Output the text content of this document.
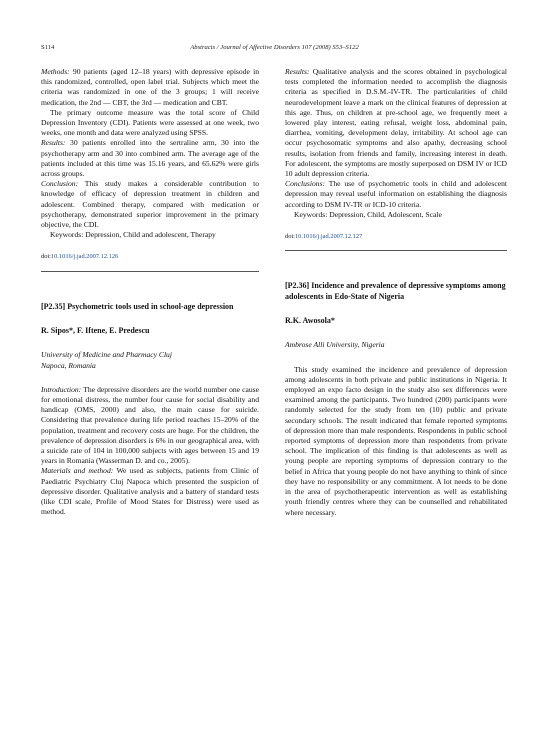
S114	Abstracts / Journal of Affective Disorders 107 (2008) S53–S122

Methods: 90 patients (aged 12–18 years) with depressive episode in this randomized, controlled, open label trial. Subjects which meet the criteria was randomized in one of the 3 groups; 1 will receive medication, the 2nd — CBT, the 3rd — medication and CBT.

The primary outcome measure was the total score of Child Depression Inventory (CDI). Patients were assessed at one week, two weeks, one month and data were analyzed using SPSS.

Results: 30 patients enrolled into the sertraline arm, 30 into the psychotherapy arm and 30 into combined arm. The average age of the patients included at this time was 15.16 years, and 65.62% were girls across groups.

Conclusion: This study makes a considerable contribution to knowledge of efficacy of depression treatment in children and adolescent. Combined therapy, compared with medication or psychotherapy, demonstrated superior improvement in the primary objective, the CDI.

Keywords: Depression, Child and adolescent, Therapy

doi:10.1016/j.jad.2007.12.126

[P2.35] Psychometric tools used in school-age depression

R. Sipos*, F. Iftene, E. Predescu

University of Medicine and Pharmacy Cluj

Napoca, Romania

Introduction: The depressive disorders are the world number one cause for emotional distress, the number four cause for social disability and handicap (OMS, 2000) and also, the main cause for suicide. Considering that prevalence during life period reaches 15–20% of the population, treatment and recovery costs are huge. For the children, the prevalence of depression disorders is 6% in our geographical area, with a suicide rate of 104 in 100,000 subjects with ages between 15 and 19 years in Romania (Wasserman D. and co., 2005).

Materials and method: We used as subjects, patients from Clinic of Paediatric Psychiatry Cluj Napoca which presented the suspicion of depressive disorder. Qualitative analysis and a battery of standard tests (like CDI scale, Profile of Mood States for Distress) were used as method.

Results: Qualitative analysis and the scores obtained in psychological tests completed the information needed to accomplish the diagnosis criteria as specified in D.S.M.-IV-TR. The particularities of child neurodevelopment leave a mark on the clinical features of depression at this age. Thus, on children at pre-school age, we frequently meet a lowered play interest, eating refusal, weight loss, abdominal pain, diarrhea, vomiting, development delay, irritability. At school age can occur psychosomatic symptoms and also apathy, decreasing school results, isolation from friends and family, increasing interest in death. For adolescent, the symptoms are mostly superposed on DSM IV or ICD 10 adult depression criteria.

Conclusions: The use of psychometric tools in child and adolescent depression may reveal useful information on establishing the diagnosis according to DSM IV-TR or ICD-10 criteria.

Keywords: Depression, Child, Adolescent, Scale

doi:10.1016/j.jad.2007.12.127

[P2.36] Incidence and prevalence of depressive symptoms among adolescents in Edo-State of Nigeria

R.K. Awosola*

Ambrose Alli University, Nigeria

This study examined the incidence and prevalence of depression among adolescents in both private and public institutions in Nigeria. It employed an expo facto design in the study also sex differences were examined among the participants. Two hundred (200) participants were randomly selected for the study from ten (10) public and private secondary schools. The result indicated that female reported symptoms of depression more than male respondents. Respondents in public school reported symptoms of depression more than respondents from private school. The implication of this finding is that adolescents as well as young people are reporting symptoms of depression contrary to the belief in Africa that young people do not have anything to think of since they have no responsibility or any commitment. A lot needs to be done in the area of psychotherapeutic intervention as well as establishing youth friendly centres where they can be counselled and rehabilitated where necessary.
